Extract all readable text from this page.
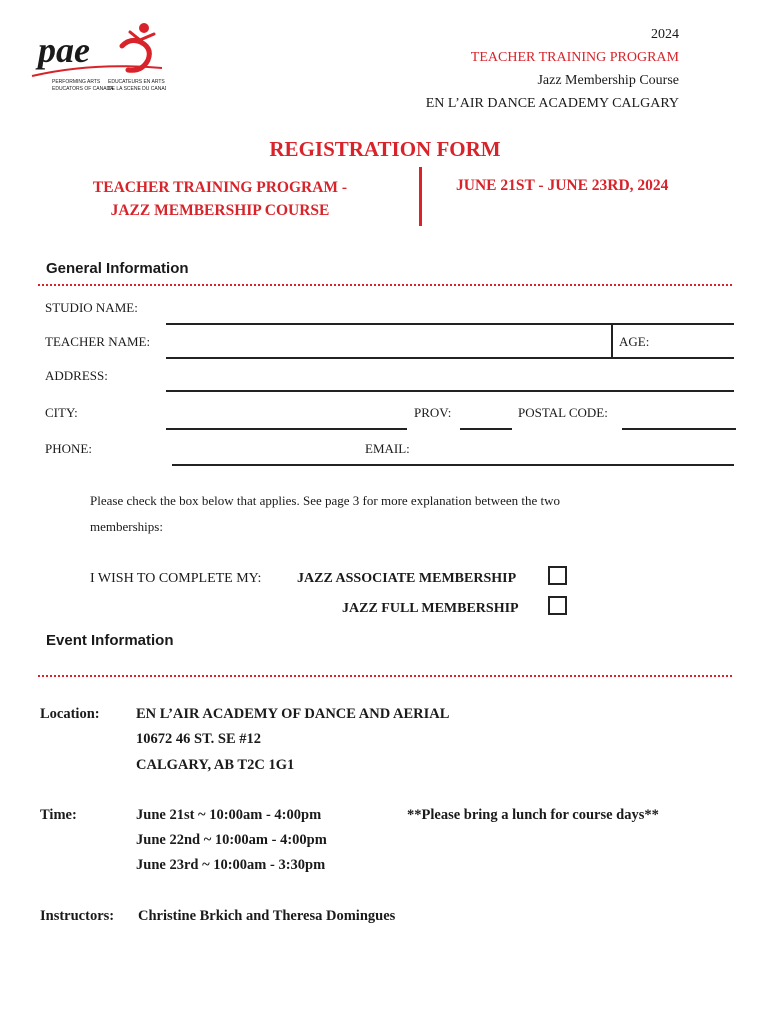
pae
PERFORMING ARTS
EDUCATORS OF CANADA
EDUCATEURS EN ARTS
DE LA SCENE DU CANADA
2024
TEACHER TRAINING PROGRAM
Jazz Membership Course
EN L’AIR DANCE ACADEMY CALGARY
REGISTRATION FORM
TEACHER TRAINING PROGRAM -
JAZZ MEMBERSHIP COURSE
JUNE 21ST - JUNE 23RD, 2024
General Information
STUDIO NAME:
TEACHER NAME:	AGE:
ADDRESS:
CITY:	PROV:	POSTAL CODE:
PHONE:	EMAIL:
Please check the box below that applies. See page 3 for more explanation between the two
memberships:
I WISH TO COMPLETE MY:	JAZZ ASSOCIATE MEMBERSHIP
JAZZ FULL MEMBERSHIP
Event Information
Location:	EN L’AIR ACADEMY OF DANCE AND AERIAL
10672 46 ST. SE #12
CALGARY, AB T2C 1G1
Time:	June 21st ~ 10:00am - 4:00pm
June 22nd ~ 10:00am - 4:00pm
June 23rd ~ 10:00am - 3:30pm
**Please bring a lunch for course days**
Instructors: Christine Brkich and Theresa Domingues
